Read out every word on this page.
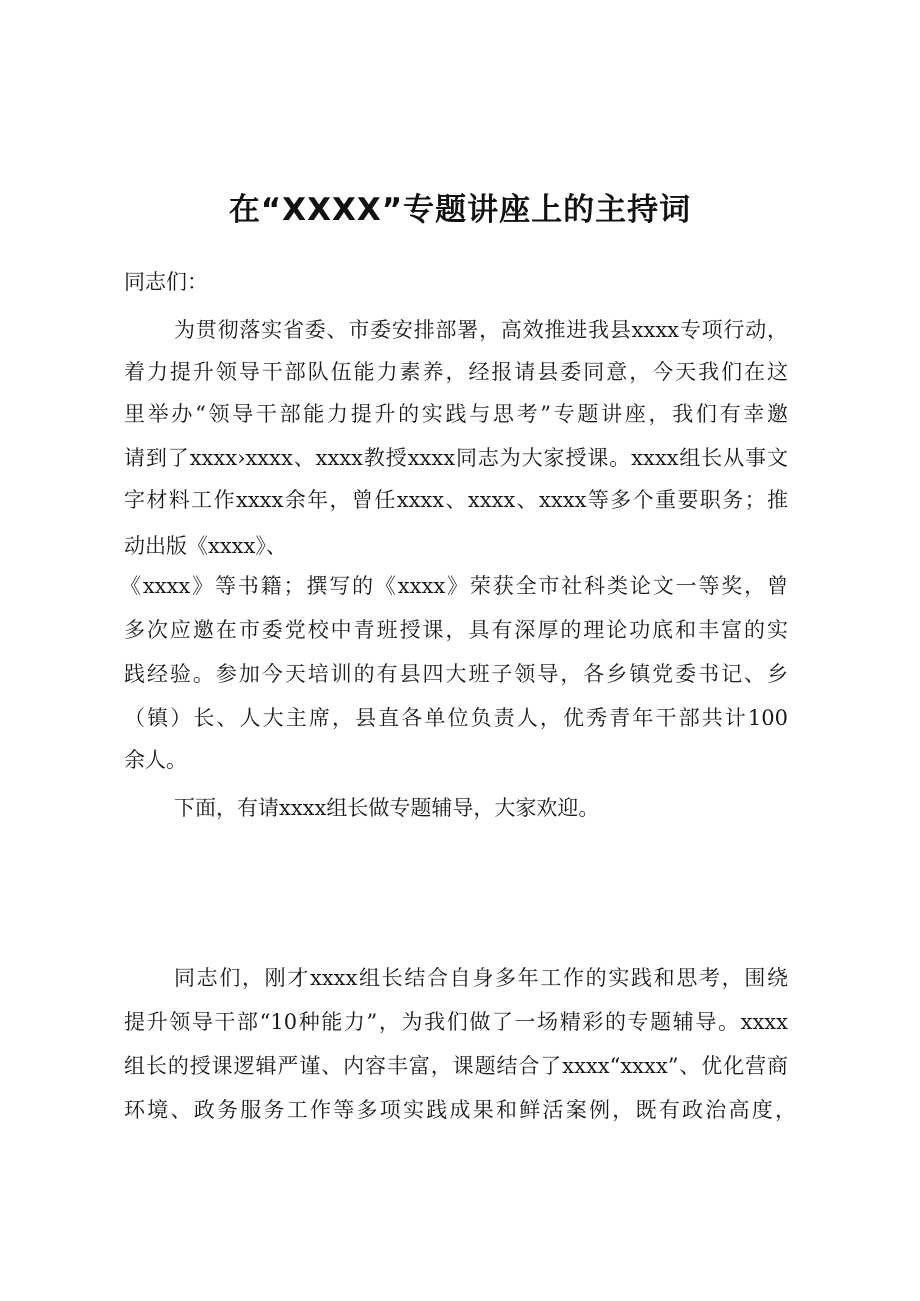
在“XXXX”专题讲座上的主持词
同志们：
为贯彻落实省委、市委安排部署，高效推进我县xxxx专项行动，
着力提升领导干部队伍能力素养，经报请县委同意，今天我们在这
里举办“领导干部能力提升的实践与思考”专题讲座，我们有幸邀
请到了xxxx›xxxx、xxxx教授xxxx同志为大家授课。xxxx组长从事文
字材料工作xxxx余年，曾任xxxx、xxxx、xxxx等多个重要职务；推
动出版《xxxx》、
《xxxx》等书籍；撰写的《xxxx》荣获全市社科类论文一等奖，曾
多次应邀在市委党校中青班授课，具有深厚的理论功底和丰富的实
践经验。参加今天培训的有县四大班子领导，各乡镇党委书记、乡
（镇）长、人大主席，县直各单位负责人，优秀青年干部共计100
余人。
下面，有请xxxx组长做专题辅导，大家欢迎。
同志们，刚才xxxx组长结合自身多年工作的实践和思考，围绕
提升领导干部“10种能力”，为我们做了一场精彩的专题辅导。xxxx
组长的授课逻辑严谨、内容丰富，课题结合了xxxx“xxxx”、优化营商
环境、政务服务工作等多项实践成果和鲜活案例，既有政治高度，
